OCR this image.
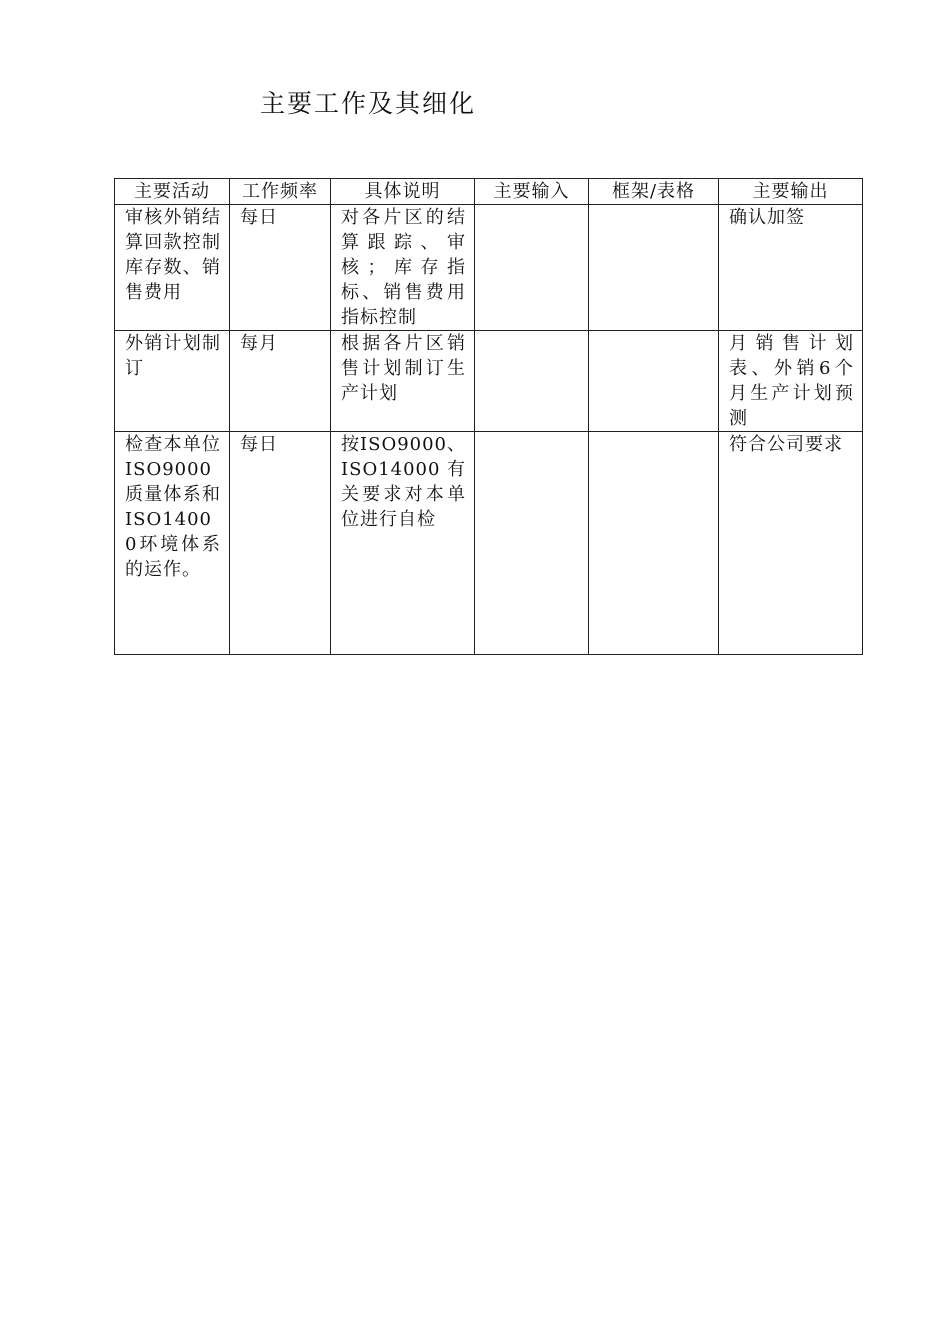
主要工作及其细化
主要活动	工作频率	具体说明	主要输入	框架/表格	主要输出
审核外销结算回款控制库存数、销售费用	每日	对各片区的结算跟踪、审核；库存指标、销售费用指标控制			确认加签
外销计划制订	每月	根据各片区销售计划制订生产计划			月销售计划表、外销6个月生产计划预测
检查本单位ISO9000质量体系和ISO14000环境体系的运作。	每日	按ISO9000、ISO14000有关要求对本单位进行自检			符合公司要求
